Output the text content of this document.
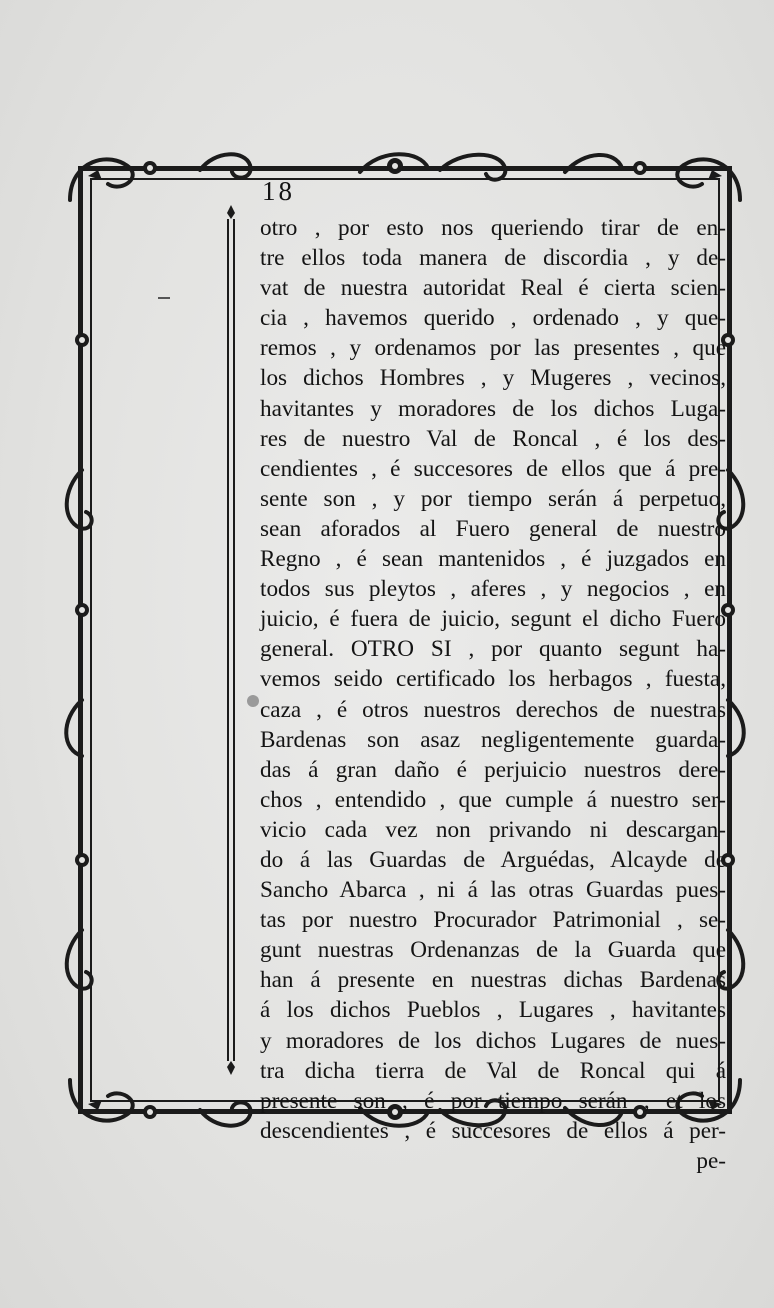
18
otro , por esto nos queriendo tirar de en-
tre ellos toda manera de discordia , y de-
vat de nuestra autoridat Real é cierta scien-
cia , havemos querido , ordenado , y que-
remos , y ordenamos por las presentes , que
los dichos Hombres , y Mugeres , vecinos,
havitantes y moradores de los dichos Luga-
res de nuestro Val de Roncal , é los des-
cendientes , é succesores de ellos que á pre-
sente son , y por tiempo serán á perpetuo,
sean aforados al Fuero general de nuestro
Regno , é sean mantenidos , é juzgados en
todos sus pleytos , aferes , y negocios , en
juicio, é fuera de juicio, segunt el dicho Fuero
general. OTRO SI , por quanto segunt ha-
vemos seido certificado los herbagos , fuesta,
caza , é otros nuestros derechos de nuestras
Bardenas son asaz negligentemente guarda-
das á gran daño é perjuicio nuestros dere-
chos , entendido , que cumple á nuestro ser-
vicio cada vez non privando ni descargan-
do á las Guardas de Arguédas, Alcayde de
Sancho Abarca , ni á las otras Guardas pues-
tas por nuestro Procurador Patrimonial , se-
gunt nuestras Ordenanzas de la Guarda que
han á presente en nuestras dichas Bardenas
á los dichos Pueblos , Lugares , havitantes
y moradores de los dichos Lugares de nues-
tra dicha tierra de Val de Roncal qui á
presente son , é por tiempo serán , et los
descendientes , é succesores de ellos á per-
pe-
